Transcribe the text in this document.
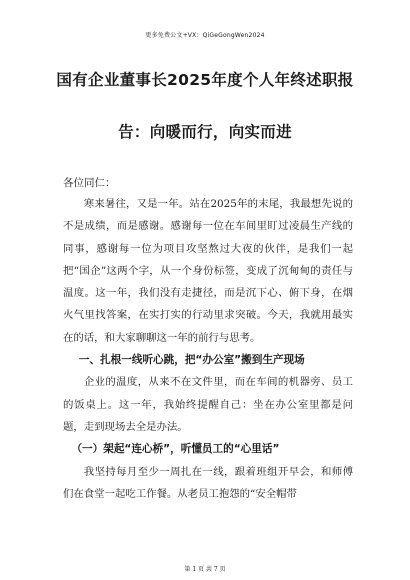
更多免费公文+VX：QiGeGongWen2024
国有企业董事长2025年度个人年终述职报
告：向暖而行，向实而进
各位同仁：

寒来暑往，又是一年。站在2025年的末尾，我最想先说的不是成绩，而是感谢。感谢每一位在车间里盯过凌晨生产线的同事，感谢每一位为项目攻坚熬过大夜的伙伴，是我们一起把“国企”这两个字，从一个身份标签，变成了沉甸甸的责任与温度。这一年，我们没有走捷径，而是沉下心、俯下身，在烟火气里找答案，在实打实的行动里求突破。今天，我就用最实在的话，和大家聊聊这一年的前行与思考。

一、扎根一线听心跳，把“办公室”搬到生产现场

企业的温度，从来不在文件里，而在车间的机器旁、员工的饭桌上。这一年，我始终提醒自己：坐在办公室里都是问题，走到现场去全是办法。

（一）架起“连心桥”，听懂员工的“心里话”

我坚持每月至少一周扎在一线，跟着班组开早会，和师傅们在食堂一起吃工作餐。从老员工抱怨的“安全帽带

第 1 页 共 7 页
